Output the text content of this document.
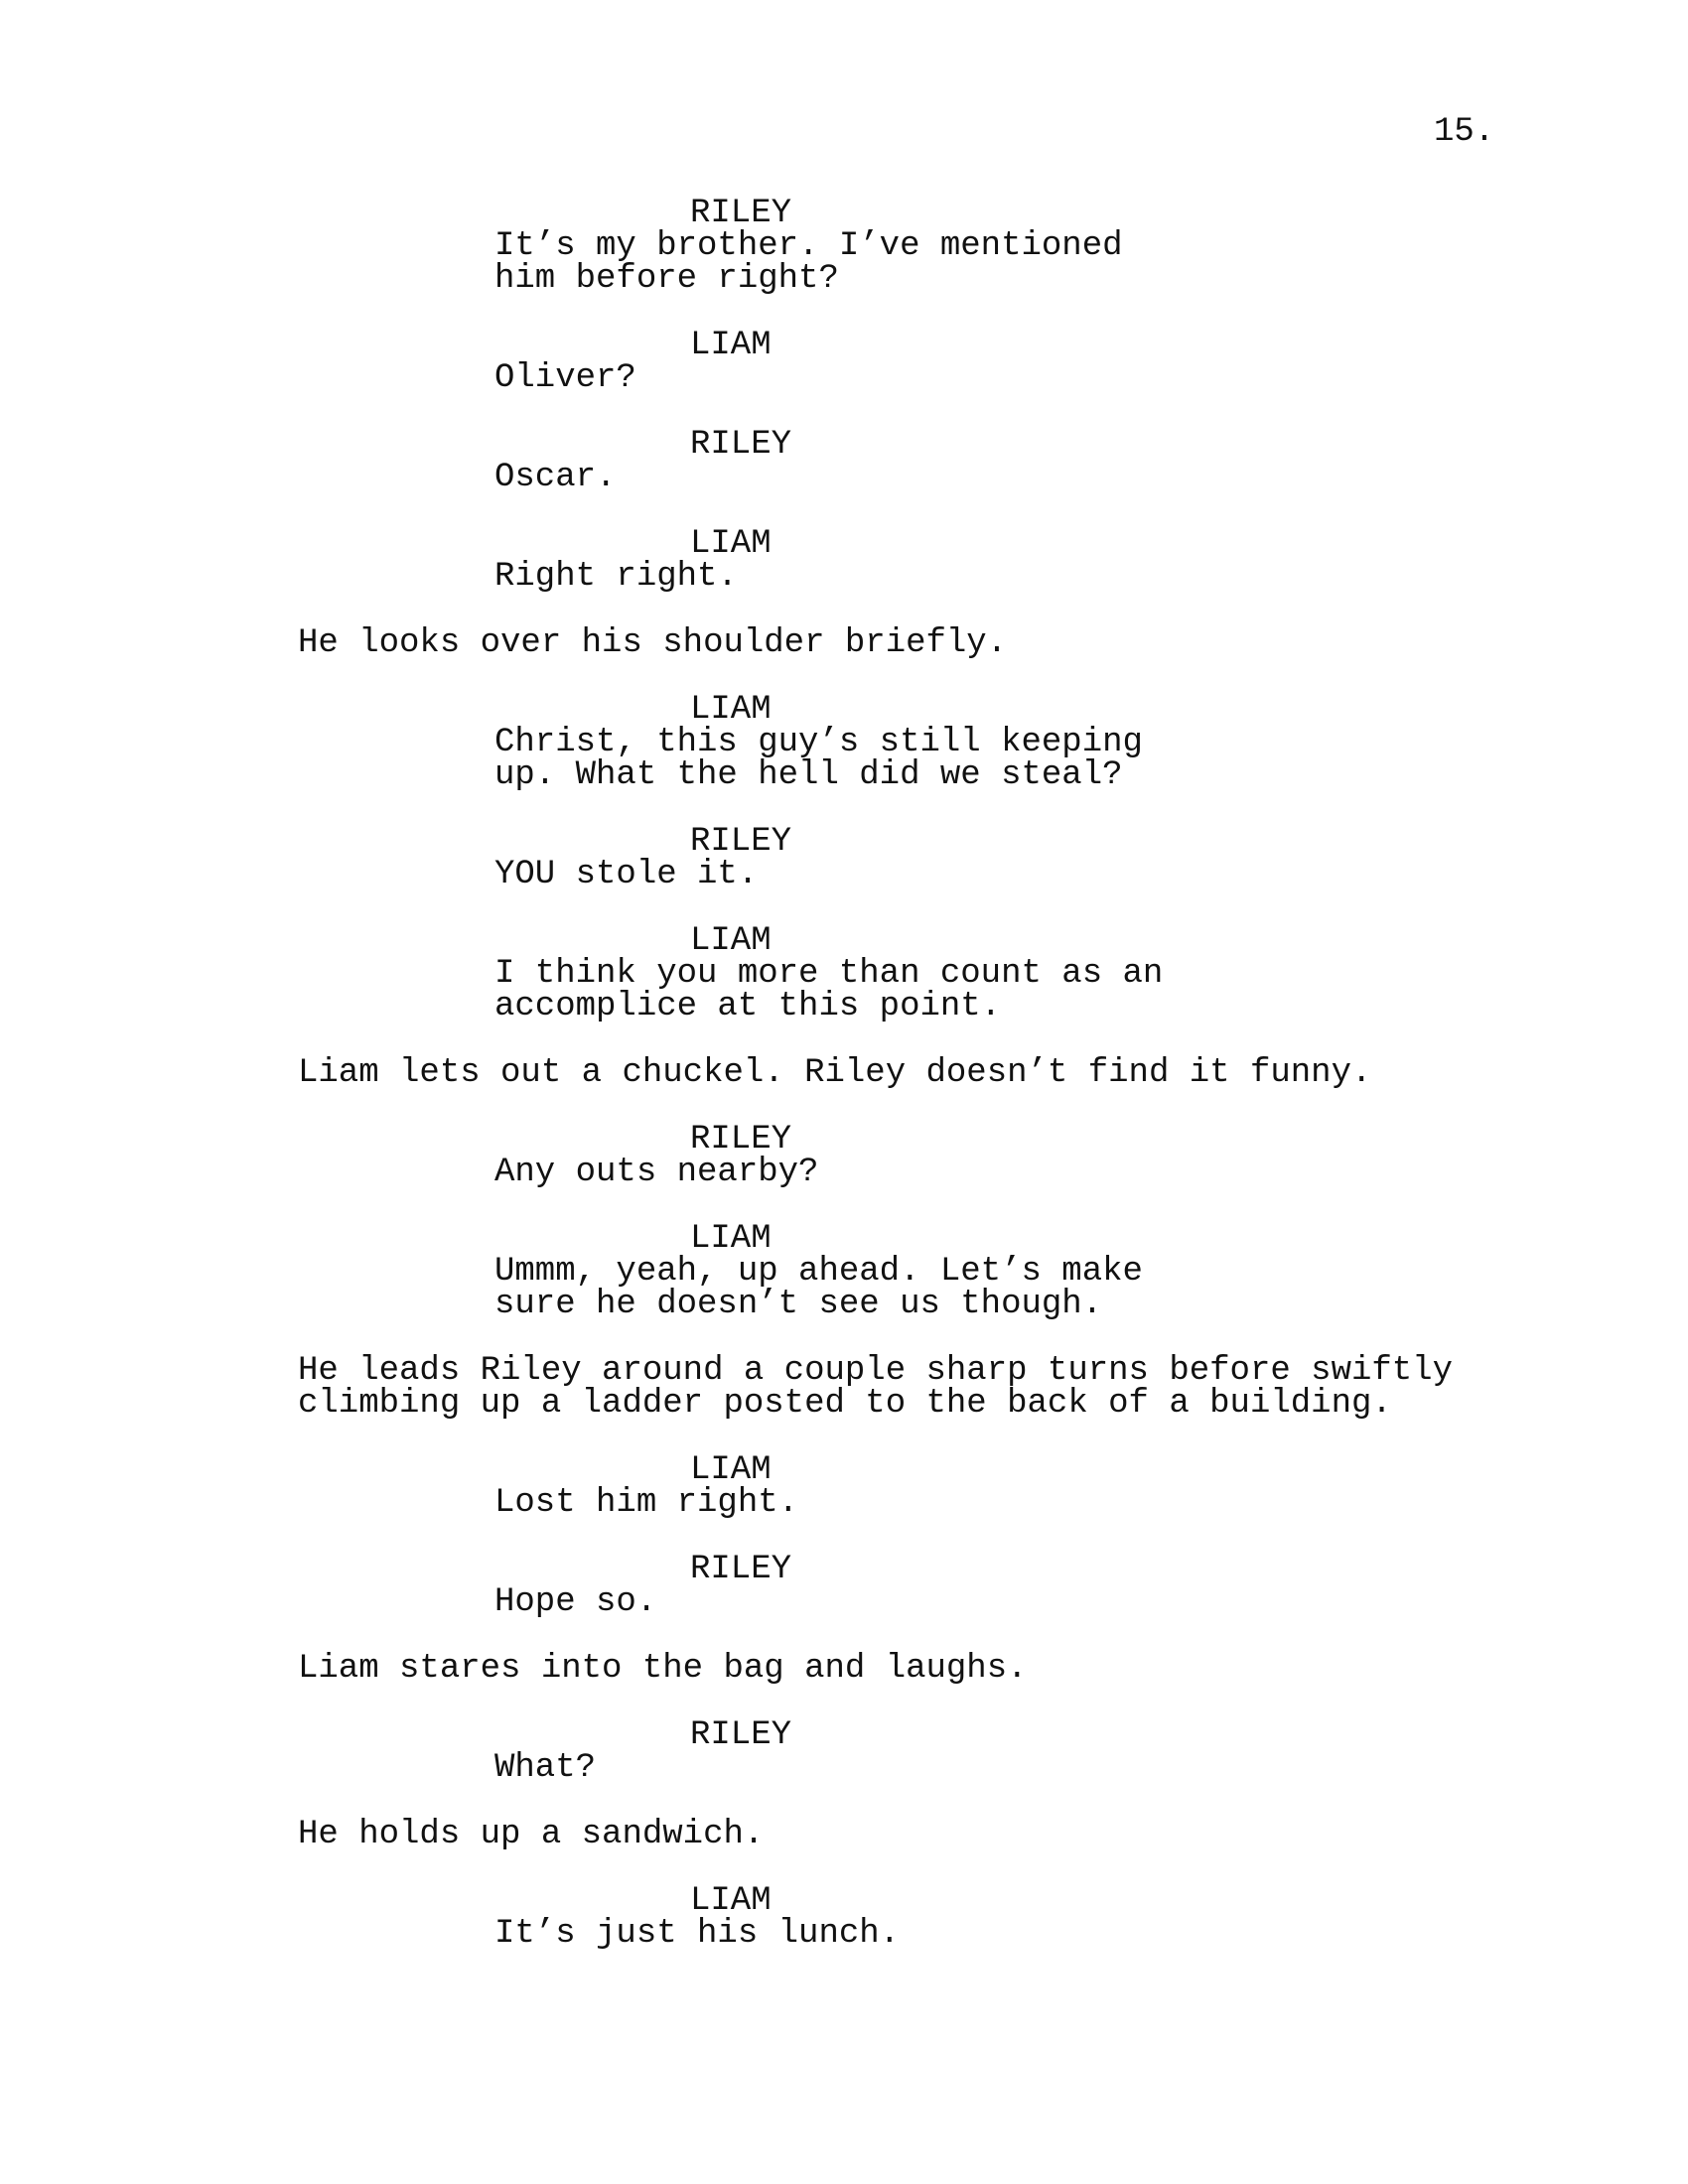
15.

RILEY

It’s my brother. I’ve mentioned

him before right?

LIAM

Oliver?

RILEY

Oscar.

LIAM

Right right.

He looks over his shoulder briefly.

LIAM

Christ, this guy’s still keeping

up. What the hell did we steal?

RILEY

YOU stole it.

LIAM

I think you more than count as an

accomplice at this point.

Liam lets out a chuckel. Riley doesn’t find it funny.

RILEY

Any outs nearby?

LIAM

Ummm, yeah, up ahead. Let’s make

sure he doesn’t see us though.

He leads Riley around a couple sharp turns before swiftly

climbing up a ladder posted to the back of a building.

LIAM

Lost him right.

RILEY

Hope so.

Liam stares into the bag and laughs.

RILEY

What?

He holds up a sandwich.

LIAM

It’s just his lunch.
